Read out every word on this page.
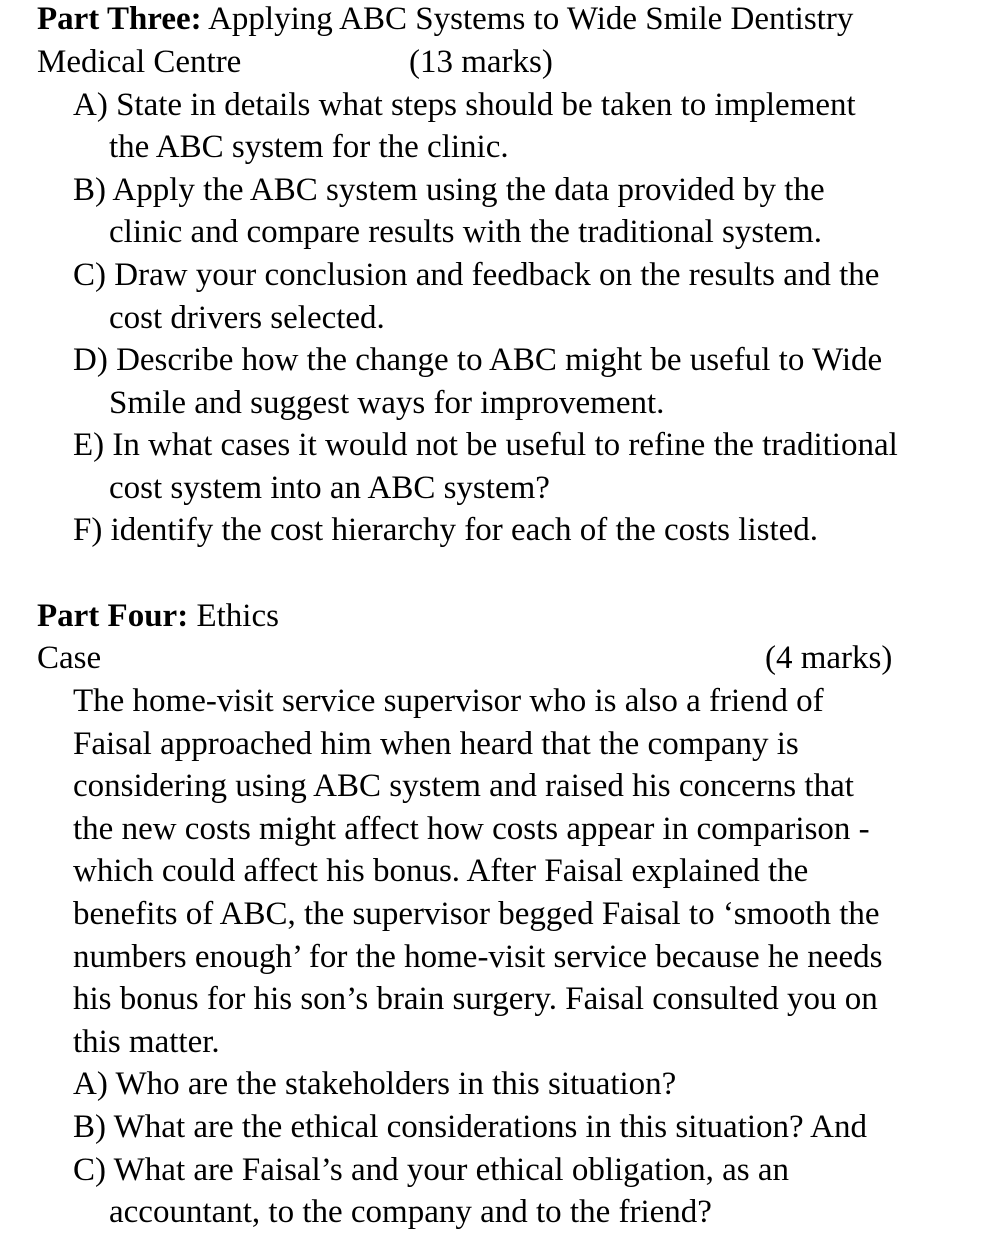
Part Three: Applying ABC Systems to Wide Smile Dentistry
Medical Centre	(13 marks)
A) State in details what steps should be taken to implement
the ABC system for the clinic.
B) Apply the ABC system using the data provided by the
clinic and compare results with the traditional system.
C) Draw your conclusion and feedback on the results and the
cost drivers selected.
D) Describe how the change to ABC might be useful to Wide
Smile and suggest ways for improvement.
E) In what cases it would not be useful to refine the traditional
cost system into an ABC system?
F) identify the cost hierarchy for each of the costs listed.
Part Four: Ethics
Case	(4 marks)
The home-visit service supervisor who is also a friend of
Faisal approached him when heard that the company is
considering using ABC system and raised his concerns that
the new costs might affect how costs appear in comparison -
which could affect his bonus. After Faisal explained the
benefits of ABC, the supervisor begged Faisal to ‘smooth the
numbers enough’ for the home-visit service because he needs
his bonus for his son’s brain surgery. Faisal consulted you on
this matter.
A) Who are the stakeholders in this situation?
B) What are the ethical considerations in this situation? And
C) What are Faisal’s and your ethical obligation, as an
accountant, to the company and to the friend?
